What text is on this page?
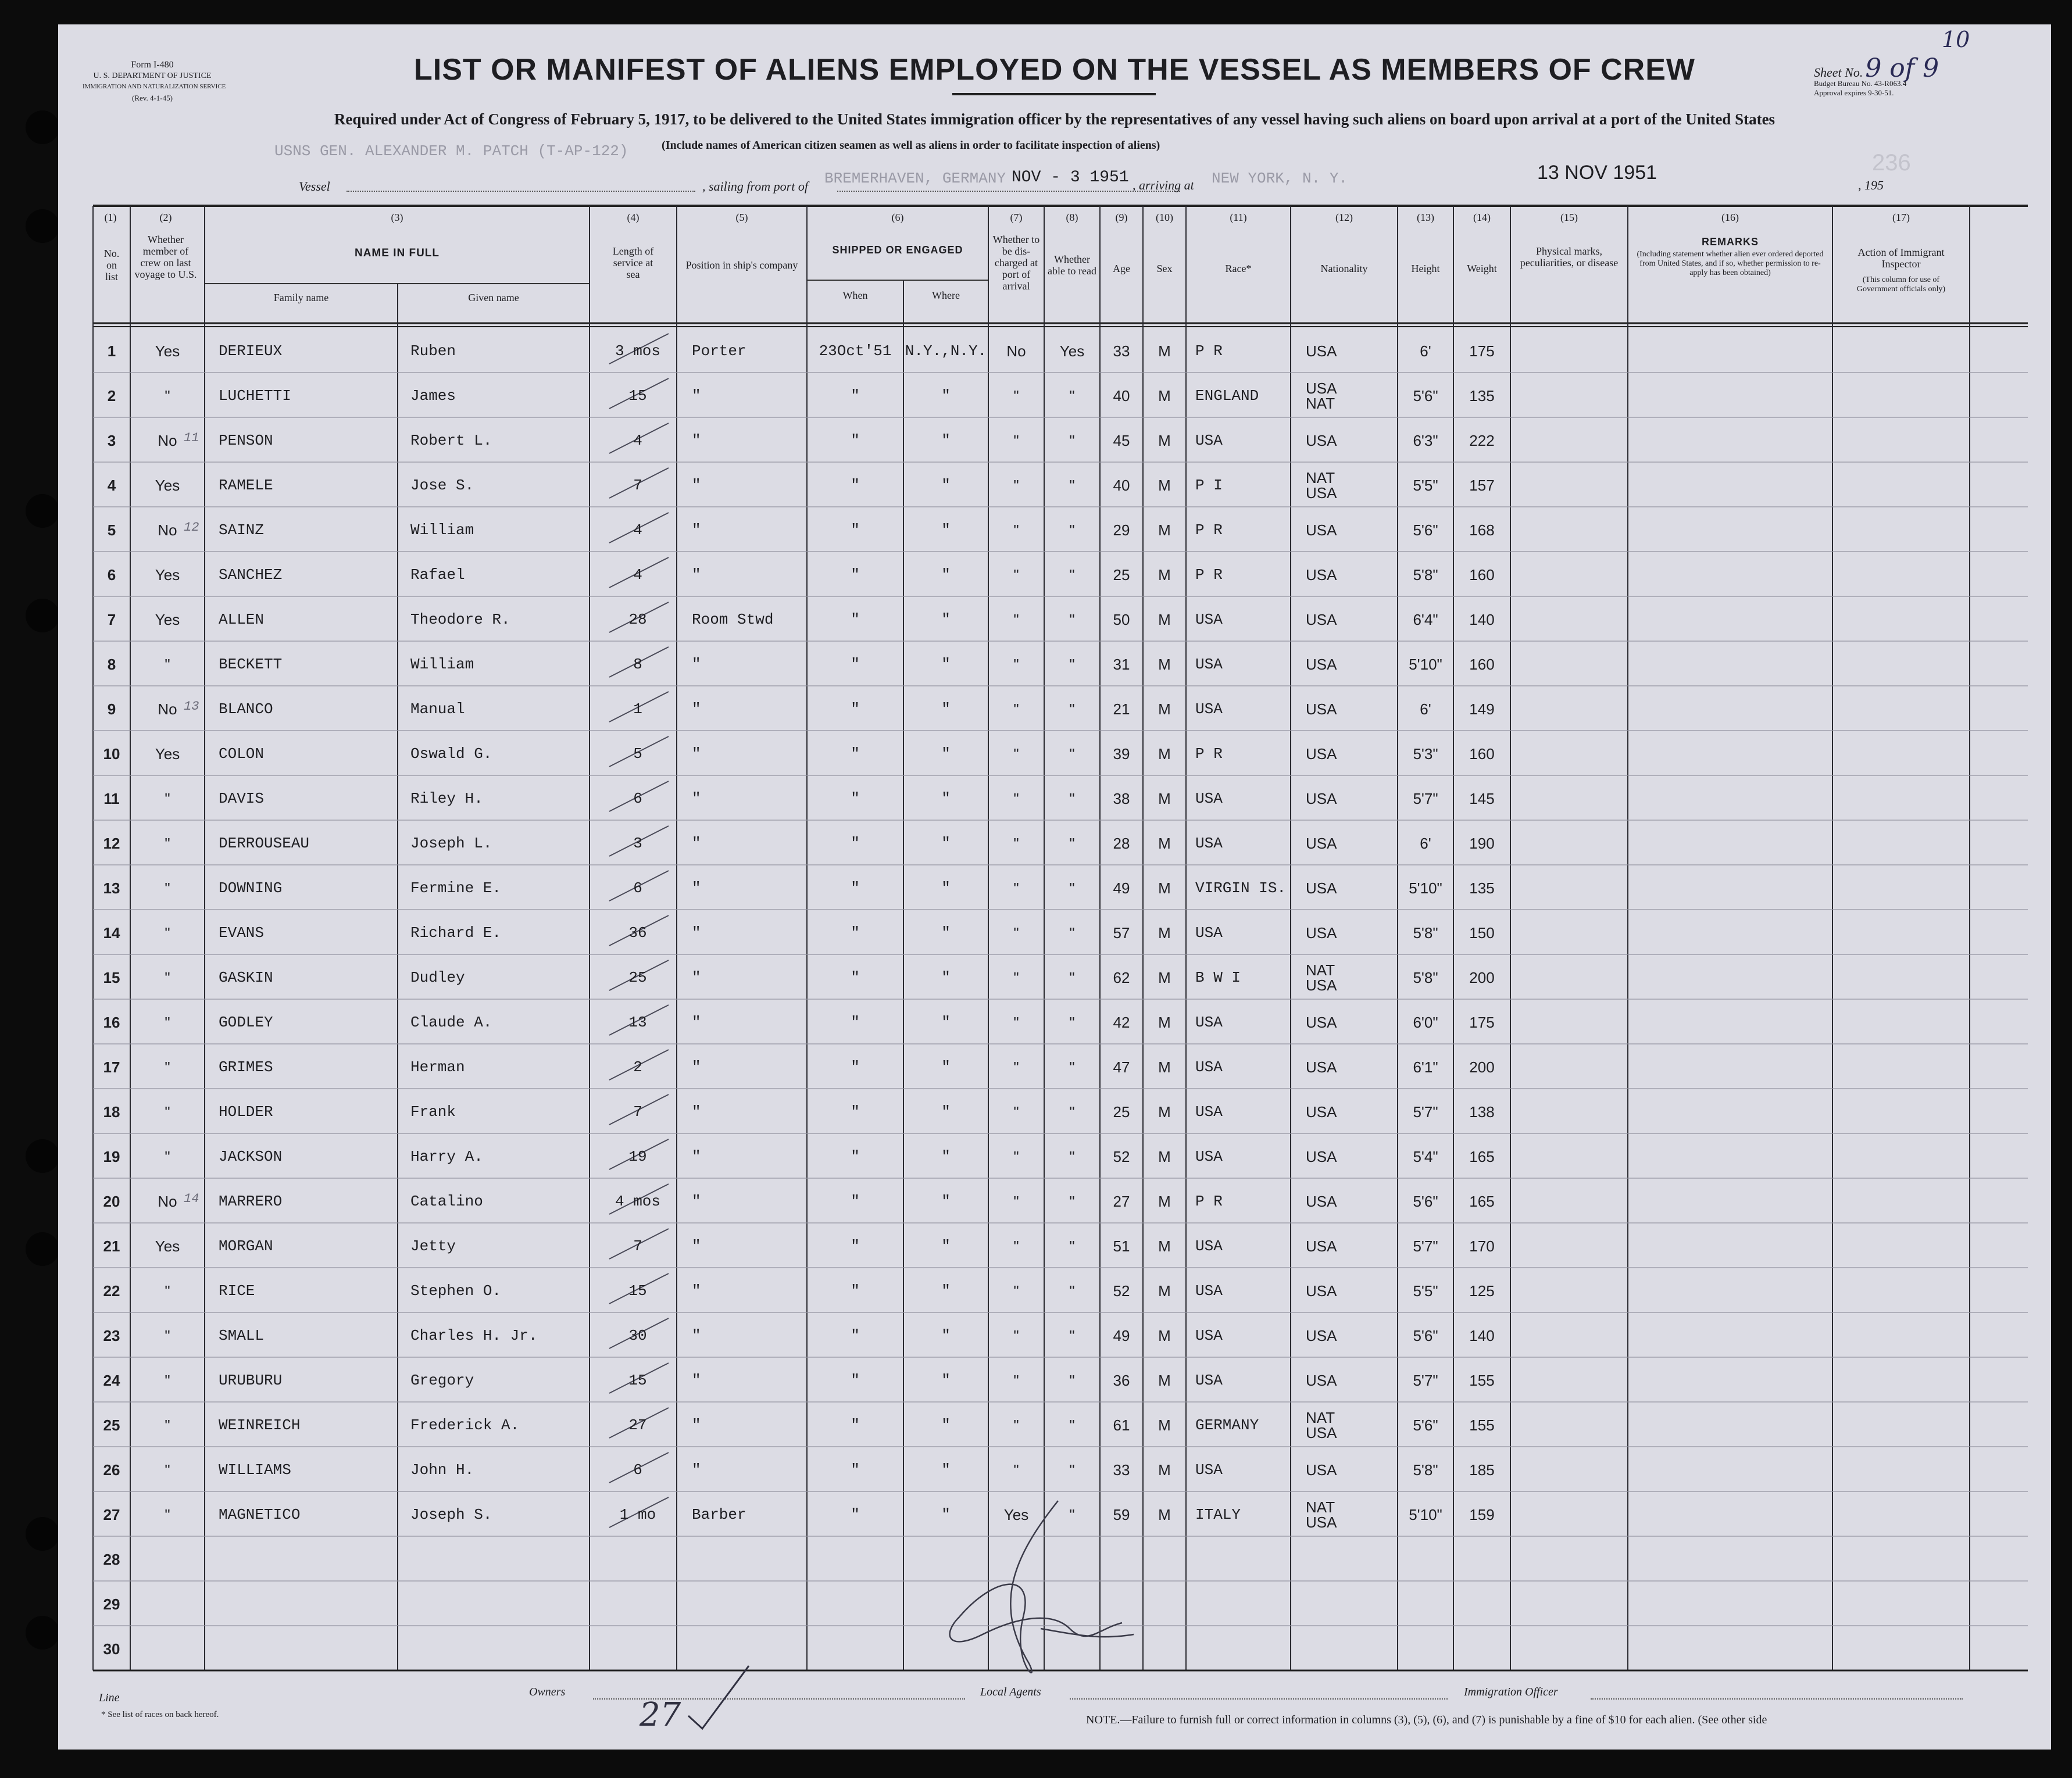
Form I-480
U. S. DEPARTMENT OF JUSTICE
IMMIGRATION AND NATURALIZATION SERVICE
(Rev. 4-1-45)
LIST OR MANIFEST OF ALIENS EMPLOYED ON THE VESSEL AS MEMBERS OF CREW	Sheet No. 9 of 9
10
Budget Bureau No. 43-R063.4
Approval expires 9-30-51.
Required under Act of Congress of February 5, 1917, to be delivered to the United States immigration officer by the representatives of any vessel having such aliens on board upon arrival at a port of the United States
USNS GEN. ALEXANDER M. PATCH (T-AP-122)	(Include names of American citizen seamen as well as aliens in order to facilitate inspection of aliens)
Vessel	, sailing from port of BREMERHAVEN, GERMANY NOV - 3 1951 , arriving at NEW YORK, N. Y.	13 NOV 1951
, 195
236
(1)
No. on list
(2)
Whether member of crew on last voyage to U.S.
(3)
NAME IN FULL
Family name	Given name
(4)
Length of service at sea
(5)
Position in ship's company
(6)
SHIPPED OR ENGAGED
When	Where
(7)
Whether to be dis-charged at port of arrival
(8)
Whether able to read
(9)
Age
(10)
Sex
(11)
Race*
(12)
Nationality
(13)
Height
(14)
Weight
(15)
Physical marks, peculiarities, or disease
(16)
REMARKS
(Including statement whether alien ever ordered deported from United States, and if so, whether permission to re-apply has been obtained)
(17)
Action of Immigrant Inspector
(This column for use of Government officials only)
1	Yes	DERIEUX	Ruben	3 mos	Porter	23Oct'51 N.Y.,N.Y.	No	Yes	33	M	P R	USA	6'	175
2	"	LUCHETTI	James	15	"	"	"	"	"	40	M	ENGLAND	USA NAT	5'6"	135
3	No	PENSON	Robert L.	4	"	"	"	"	"	45	M	USA	USA	6'3"	222
4	Yes	RAMELE	Jose S.	7	"	"	"	"	"	40	M	P I	NAT USA	5'5"	157
5	No	SAINZ	William	4	"	"	"	"	"	29	M	P R	USA	5'6"	168
6	Yes	SANCHEZ	Rafael	4	"	"	"	"	"	25	M	P R	USA	5'8"	160
7	Yes	ALLEN	Theodore R.	28	Room Stwd	"	"	"	"	50	M	USA	USA	6'4"	140
8	"	BECKETT	William	8	"	"	"	"	"	31	M	USA	USA	5'10"	160
9	No	BLANCO	Manual	1	"	"	"	"	"	21	M	USA	USA	6'	149
10	Yes	COLON	Oswald G.	5	"	"	"	"	"	39	M	P R	USA	5'3"	160
11	"	DAVIS	Riley H.	6	"	"	"	"	"	38	M	USA	USA	5'7"	145
12	"	DERROUSEAU	Joseph L.	3	"	"	"	"	"	28	M	USA	USA	6'	190
13	"	DOWNING	Fermine E.	6	"	"	"	"	"	49	M	VIRGIN IS.	USA	5'10"	135
14	"	EVANS	Richard E.	36	"	"	"	"	"	57	M	USA	USA	5'8"	150
15	"	GASKIN	Dudley	25	"	"	"	"	"	62	M	B W I	NAT USA	5'8"	200
16	"	GODLEY	Claude A.	13	"	"	"	"	"	42	M	USA	USA	6'0"	175
17	"	GRIMES	Herman	2	"	"	"	"	"	47	M	USA	USA	6'1"	200
18	"	HOLDER	Frank	7	"	"	"	"	"	25	M	USA	USA	5'7"	138
19	"	JACKSON	Harry A.	19	"	"	"	"	"	52	M	USA	USA	5'4"	165
20	No	MARRERO	Catalino	4 mos	"	"	"	"	"	27	M	P R	USA	5'6"	165
21	Yes	MORGAN	Jetty	7	"	"	"	"	"	51	M	USA	USA	5'7"	170
22	"	RICE	Stephen O.	15	"	"	"	"	"	52	M	USA	USA	5'5"	125
23	"	SMALL	Charles H. Jr.	30	"	"	"	"	"	49	M	USA	USA	5'6"	140
24	"	URUBURU	Gregory	15	"	"	"	"	"	36	M	USA	USA	5'7"	155
25	"	WEINREICH	Frederick A.	27	"	"	"	"	"	61	M	GERMANY	NAT USA	5'6"	155
26	"	WILLIAMS	John H.	6	"	"	"	"	"	33	M	USA	USA	5'8"	185
27	"	MAGNETICO	Joseph S.	1 mo	Barber	"	"	Yes	"	59	M	ITALY	NAT USA	5'10"	159
28
29
30
11
12
13
14
Line	Owners	Local Agents	Immigration Officer
* See list of races on back hereof.	NOTE.—Failure to furnish full or correct information in columns (3), (5), (6), and (7) is punishable by a fine of $10 for each alien. (See other side
27
